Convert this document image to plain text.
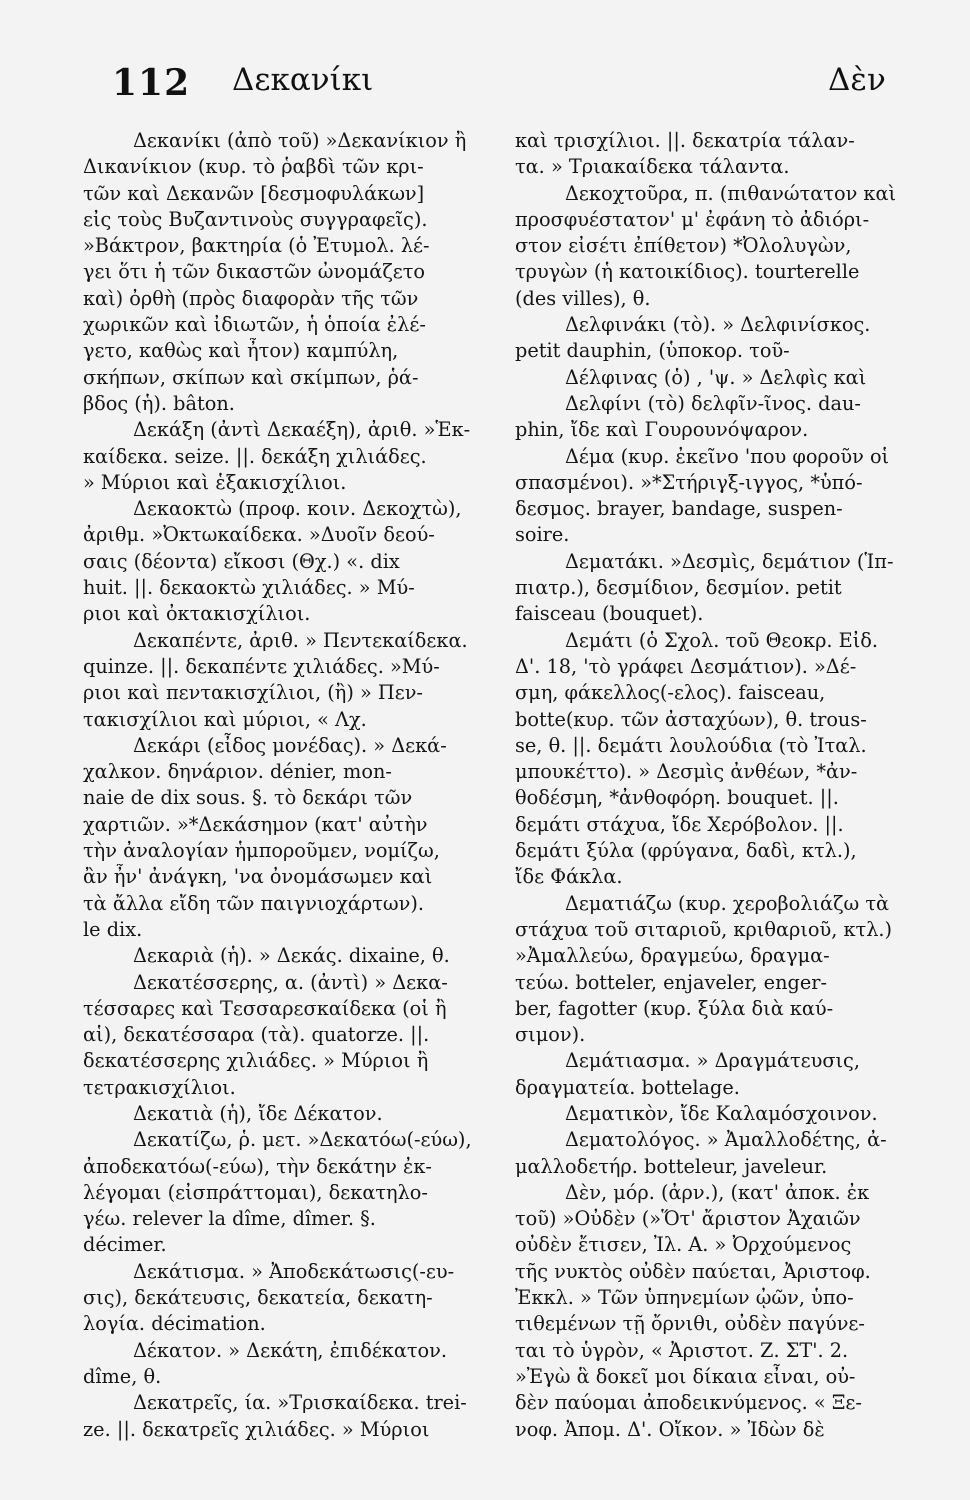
112 Δεκανίκι	Δὲν
Δεκανίκι (ἀπὸ τοῦ) »Δεκανίκιον ἢ
Δικανίκιον (κυρ. τὸ ῥαβδὶ τῶν κρι-
τῶν καὶ Δεκανῶν [δεσμοφυλάκων]
εἰς τοὺς Βυζαντινοὺς συγγραφεῖς).
»Βάκτρον, βακτηρία (ὁ Ἐτυμολ. λέ-
γει ὅτι ἡ τῶν δικαστῶν ὠνομάζετο
καὶ) ὀρθὴ (πρὸς διαφορὰν τῆς τῶν
χωρικῶν καὶ ἰδιωτῶν, ἡ ὁποία ἐλέ-
γετο, καθὼς καὶ ἦτον) καμπύλη,
σκήπων, σκίπων καὶ σκίμπων, ῥά-
βδος (ἡ). bâton.
Δεκάξη (ἀντὶ Δεκαέξη), ἀριθ. »Ἑκ-
καίδεκα. seize. ||. δεκάξη χιλιάδες.
» Μύριοι καὶ ἑξακισχίλιοι.
Δεκαοκτὼ (προφ. κοιν. Δεκοχτὼ),
ἀριθμ. »Ὀκτωκαίδεκα. »Δυοῖν δεού-
σαις (δέοντα) εἴκοσι (Θχ.) «. dix
huit. ||. δεκαοκτὼ χιλιάδες. » Μύ-
ριοι καὶ ὀκτακισχίλιοι.
Δεκαπέντε, ἀριθ. » Πεντεκαίδεκα.
quinze. ||. δεκαπέντε χιλιάδες. »Μύ-
ριοι καὶ πεντακισχίλιοι, (ἢ) » Πεν-
τακισχίλιοι καὶ μύριοι, « Λχ.
Δεκάρι (εἶδος μονέδας). » Δεκά-
χαλκον. δηνάριον. dénier, mon-
naie de dix sous. §. τὸ δεκάρι τῶν
χαρτιῶν. »*Δεκάσημον (κατ' αὐτὴν
τὴν ἀναλογίαν ἡμποροῦμεν, νομίζω,
ἂν ἦν' ἀνάγκη, 'να ὀνομάσωμεν καὶ
τὰ ἄλλα εἴδη τῶν παιγνιοχάρτων).
le dix.
Δεκαριὰ (ἡ). » Δεκάς. dixaine, θ.
Δεκατέσσερης, α. (ἀντὶ) » Δεκα-
τέσσαρες καὶ Τεσσαρεσκαίδεκα (οἱ ἢ
αἱ), δεκατέσσαρα (τὰ). quatorze. ||.
δεκατέσσερης χιλιάδες. » Μύριοι ἢ
τετρακισχίλιοι.
Δεκατιὰ (ἡ), ἴδε Δέκατον.
Δεκατίζω, ῥ. μετ. »Δεκατόω(-εύω),
ἀποδεκατόω(-εύω), τὴν δεκάτην ἐκ-
λέγομαι (εἰσπράττομαι), δεκατηλο-
γέω. relever la dîme, dîmer. §.
décimer.
Δεκάτισμα. » Ἀποδεκάτωσις(-ευ-
σις), δεκάτευσις, δεκατεία, δεκατη-
λογία. décimation.
Δέκατον. » Δεκάτη, ἐπιδέκατον.
dîme, θ.
Δεκατρεῖς, ία. »Τρισκαίδεκα. trei-
ze. ||. δεκατρεῖς χιλιάδες. » Μύριοι
καὶ τρισχίλιοι. ||. δεκατρία τάλαν-
τα. » Τριακαίδεκα τάλαντα.
Δεκοχτοῦρα, π. (πιθανώτατον καὶ
προσφυέστατον' μ' ἐφάνη τὸ ἀδιόρι-
στον εἰσέτι ἐπίθετον) *Ὀλολυγὼν,
τρυγὼν (ἡ κατοικίδιος). tourterelle
(des villes), θ.
Δελφινάκι (τὸ). » Δελφινίσκος.
petit dauphin, (ὑποκορ. τοῦ-
Δέλφινας (ὁ) , 'ψ. » Δελφὶς καὶ
Δελφίνι (τὸ) δελφῖν-ῖνος. dau-
phin, ἴδε καὶ Γουρουνόψαρον.
Δέμα (κυρ. ἐκεῖνο 'που φοροῦν οἱ
σπασμένοι). »*Στήριγξ-ιγγος, *ὑπό-
δεσμος. brayer, bandage, suspen-
soire.
Δεματάκι. »Δεσμὶς, δεμάτιον (Ἱπ-
πιατρ.), δεσμίδιον, δεσμίον. petit
faisceau (bouquet).
Δεμάτι (ὁ Σχολ. τοῦ Θεοκρ. Εἰδ.
Δ'. 18, 'τὸ γράφει Δεσμάτιον). »Δέ-
σμη, φάκελλος(-ελος). faisceau,
botte(κυρ. τῶν ἀσταχύων), θ. trous-
se, θ. ||. δεμάτι λουλούδια (τὸ Ἰταλ.
μπουκέττο). » Δεσμὶς ἀνθέων, *ἀν-
θοδέσμη, *ἀνθοφόρη. bouquet. ||.
δεμάτι στάχυα, ἴδε Χερόβολον. ||.
δεμάτι ξύλα (φρύγανα, δαδὶ, κτλ.),
ἴδε Φάκλα.
Δεματιάζω (κυρ. χεροβολιάζω τὰ
στάχυα τοῦ σιταριοῦ, κριθαριοῦ, κτλ.)
»Ἀμαλλεύω, δραγμεύω, δραγμα-
τεύω. botteler, enjaveler, enger-
ber, fagotter (κυρ. ξύλα διὰ καύ-
σιμον).
Δεμάτιασμα. » Δραγμάτευσις,
δραγματεία. bottelage.
Δεματικὸν, ἴδε Καλαμόσχοινον.
Δεματολόγος. » Ἀμαλλοδέτης, ἀ-
μαλλοδετήρ. botteleur, javeleur.
Δὲν, μόρ. (ἀρν.), (κατ' ἀποκ. ἐκ
τοῦ) »Οὐδὲν (»Ὅτ' ἄριστον Ἀχαιῶν
οὐδὲν ἔτισεν, Ἰλ. Α. » Ὀρχούμενος
τῆς νυκτὸς οὐδὲν παύεται, Ἀριστοφ.
Ἐκκλ. » Τῶν ὑπηνεμίων ᾠῶν, ὑπο-
τιθεμένων τῇ ὄρνιθι, οὐδὲν παγύνε-
ται τὸ ὑγρὸν, « Ἀριστοτ. Ζ. ΣΤ'. 2.
»Ἐγὼ ἃ δοκεῖ μοι δίκαια εἶναι, οὐ-
δὲν παύομαι ἀποδεικνύμενος. « Ξε-
νοφ. Ἀπομ. Δ'. Οἴκον. » Ἰδὼν δὲ
